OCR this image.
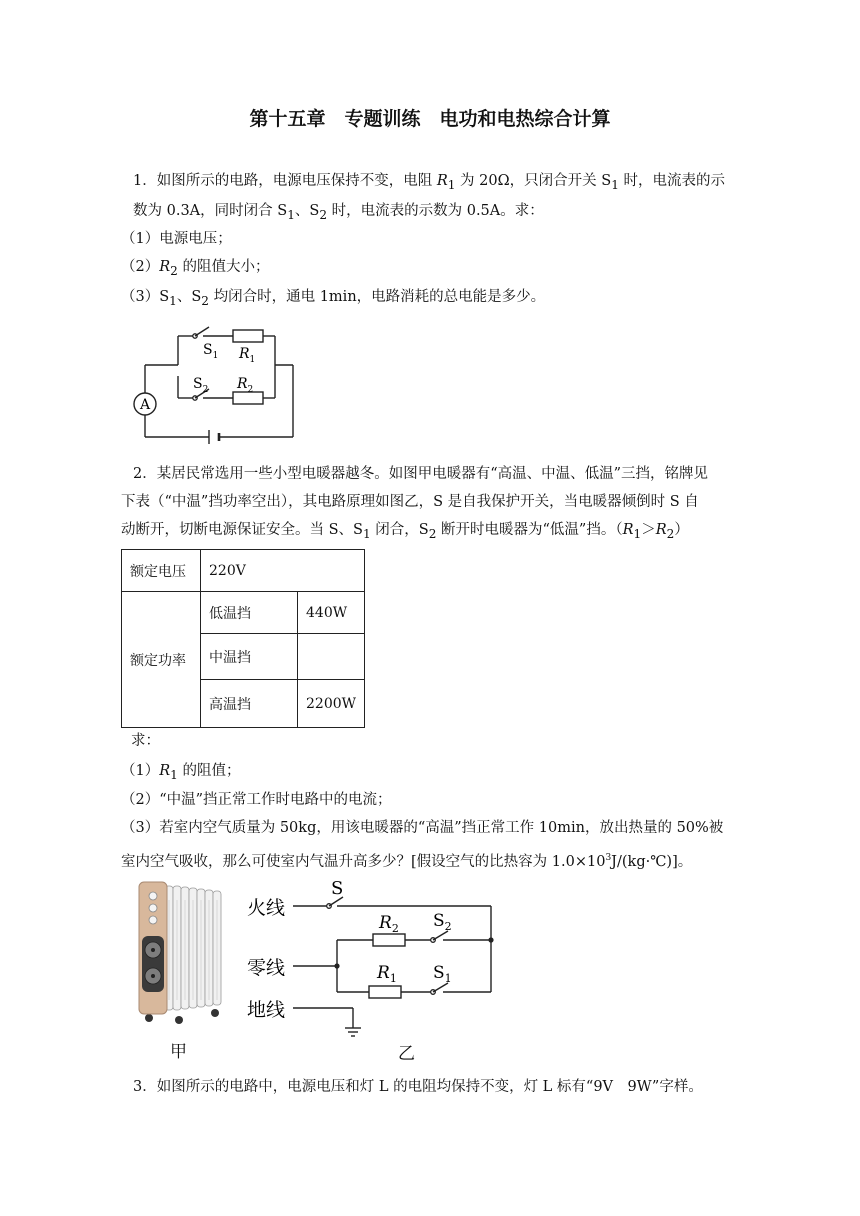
第十五章　专题训练　电功和电热综合计算
1．如图所示的电路，电源电压保持不变，电阻 $R_1$ 为 20Ω，只闭合开关 $S_1$ 时，电流表的示
数为 0.3A，同时闭合 $S_1$、$S_2$ 时，电流表的示数为 0.5A。求：
（1）电源电压；
$(2)R_2$ 的阻值大小；
$(3)S_1$、$S_2$ 均闭合时，通电 1min，电路消耗的总电能是多少。
A
$S_1$ $R_1$
$S_2$ $R_2$
2．某居民常选用一些小型电暖器越冬。如图甲电暖器有“高温、中温、低温”三挡，铭牌见
下表（“中温”挡功率空出），其电路原理如图乙，S 是自我保护开关，当电暖器倾倒时 S 自
动断开，切断电源保证安全。当 S、$S_1$ 闭合，$S_2$ 断开时电暖器为“低温”挡。$(R_1>R_2)$
额定电压	220V	
额定功率	低温挡	440W
	中温挡	
	高温挡	2200W
求：
$(1)R_1$ 的阻值；
（2）“中温”挡正常工作时电路中的电流；
（3）若室内空气质量为 50kg，用该电暖器的“高温”挡正常工作 10min，放出热量的 50%被
室内空气吸收，那么可使室内气温升高多少？[假设空气的比热容为 $1.0\times 10^3J/(kg\cdot℃)$]。
火线
零线
地线
S
$R_2$ $S_2$
$R_1$ $S_1$
甲	乙
3．如图所示的电路中，电源电压和灯 L 的电阻均保持不变，灯 L 标有“9V　9W”字样。
